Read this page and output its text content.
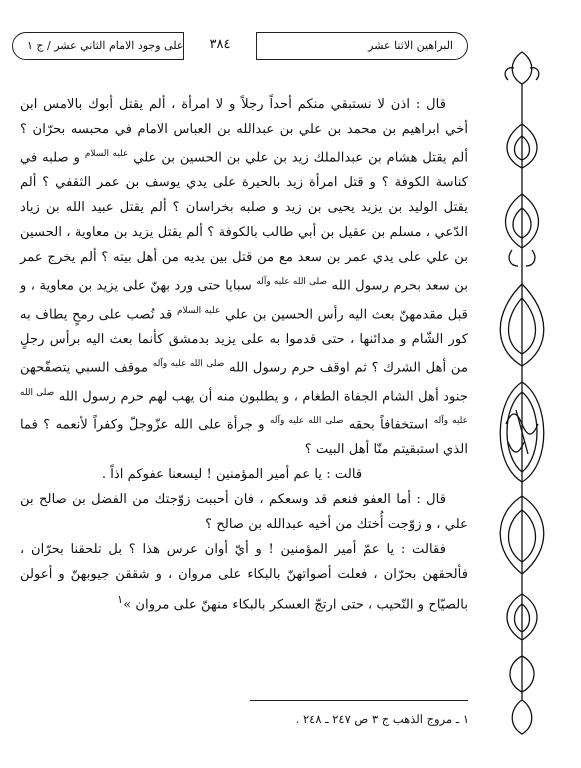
البراهين الاثنا عشر
٣٨٤
على وجود الامام الثاني عشر / ج ١

قال : اذن لا نستبقي منكم أحداً رجلاً و لا امرأة ، ألم يقتل أبوك بالامس ابن أخي ابراهيم بن محمد بن علي بن عبدالله بن العباس الامام في محبسه بحرّان ؟ ألم يقتل هشام بن عبدالملك زيد بن علي بن الحسين بن علي $^{عليه السلام}$ و صلبه في كناسة الكوفة ؟ و قتل امرأة زيد بالحيرة على يدي يوسف بن عمر الثقفي ؟ ألم يقتل الوليد بن يزيد يحيى بن زيد و صلبه بخراسان ؟ ألم يقتل عبيد الله بن زياد الدّعي ، مسلم بن عقيل بن أبي طالب بالكوفة ؟ ألم يقتل يزيد بن معاوية ، الحسين بن علي على يدي عمر بن سعد مع من قتل بين يديه من أهل بيته ؟ ألم يخرج عمر بن سعد بحرم رسول الله $^{صلى الله عليه وآله}$ سبايا حتى ورد بهنّ على يزيد بن معاوية ، و قبل مقدمهنّ بعث اليه رأس الحسين بن علي $^{عليه السلام}$ قد نُصب على رمحٍ يطاف به كور الشّام و مدائنها ، حتى قدموا به على يزيد بدمشق كأنما بعث اليه برأس رجلٍ من أهل الشرك ؟ ثم اوقف حرم رسول الله $^{صلى الله عليه وآله}$ موقف السبي يتصفّحهن جنود أهل الشام الجفاة الطغام ، و يطلبون منه أن يهب لهم حرم رسول الله $^{صلى الله عليه وآله}$ استخفافاً بحقه $^{صلى الله عليه وآله}$ و جرأة على الله عزّوجلّ وكفراً لأنعمه ؟ فما الذي استبقيتم منّا أهل البيت ؟

قالت : يا عم أمير المؤمنين ! ليسعنا عفوكم اذاً .

قال : أما العفو فنعم قد وسعكم ، فان أحببت زوّجتك من الفضل بن صالح بن علي ، و زوّجت أُختك من أخيه عبدالله بن صالح ؟

فقالت : يا عمّ أمير المؤمنين ! و أيّ أوان عرس هذا ؟ بل تلحقنا بحرّان ، فألحقهن بحرّان ، فعلت أصواتهنّ بالبكاء على مروان ، و شققن جيوبهنّ و أعولن بالصيّاح و النّحيب ، حتى ارتجّ العسكر بالبكاء منهنّ على مروان »$^١$

١ ـ مروج الذهب ج ٣ ص ٢٤٧ ـ ٢٤٨ .
